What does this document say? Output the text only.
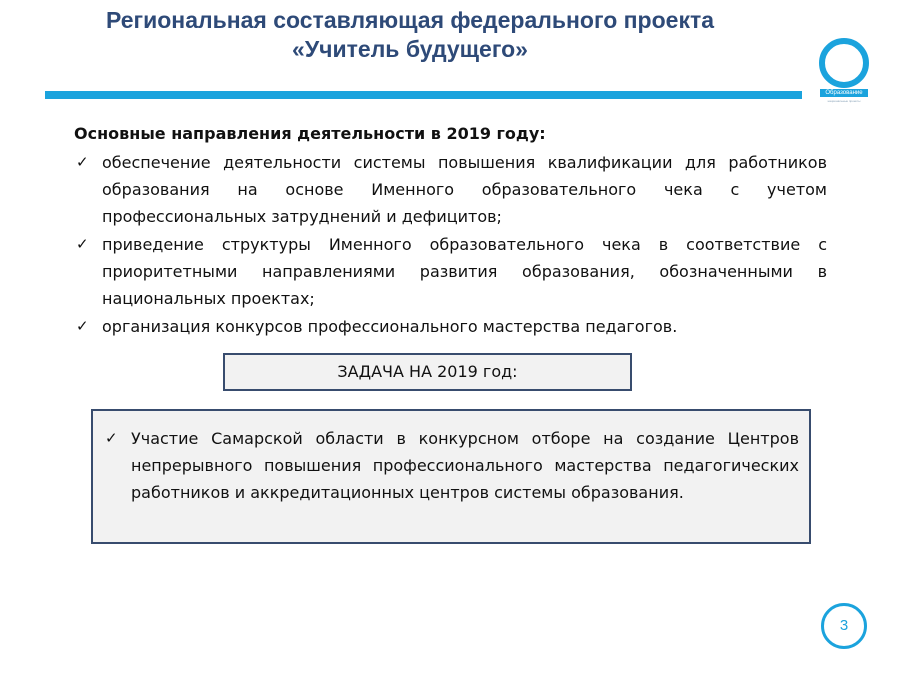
Региональная составляющая федерального проекта
«Учитель будущего»
Образование
национальные проекты
Основные направления деятельности в 2019 году:
✓ обеспечение деятельности системы повышения квалификации для работников образования на основе Именного образовательного чека с учетом профессиональных затруднений и дефицитов;
✓ приведение структуры Именного образовательного чека в соответствие с приоритетными направлениями развития образования, обозначенными в национальных проектах;
✓ организация конкурсов профессионального мастерства педагогов.
ЗАДАЧА НА 2019 год:
✓ Участие Самарской области в конкурсном отборе на создание Центров непрерывного повышения профессионального мастерства педагогических работников и аккредитационных центров системы образования.
3
